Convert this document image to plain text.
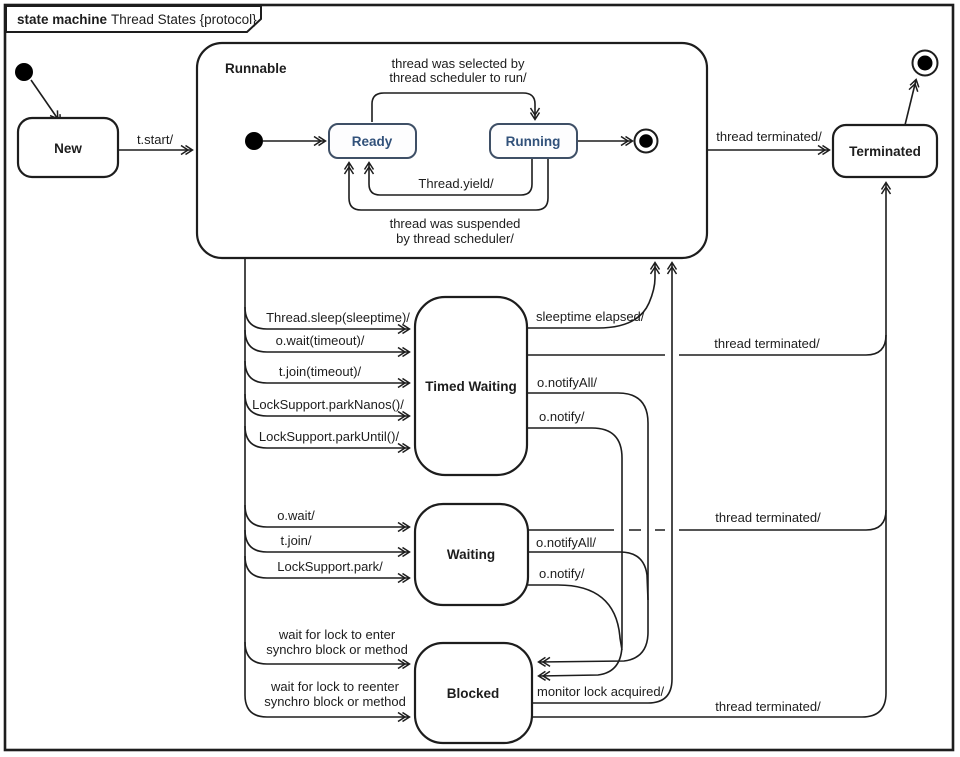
state machine Thread States {protocol}
Runnable
Ready	Running
thread was selected by
thread scheduler to run/
Thread.yield/
thread was suspended
by thread scheduler/
New	Terminated
Timed Waiting
Waiting
Blocked
t.start/	thread terminated/
Thread.sleep(sleeptime)/
o.wait(timeout)/
t.join(timeout)/
LockSupport.parkNanos()/
LockSupport.parkUntil()/
sleeptime elapsed/
thread terminated/
o.notifyAll/
o.notify/
o.wait/
t.join/
LockSupport.park/
o.notifyAll/
o.notify/
thread terminated/
wait for lock to enter
synchro block or method
wait for lock to reenter
synchro block or method
monitor lock acquired/
thread terminated/
